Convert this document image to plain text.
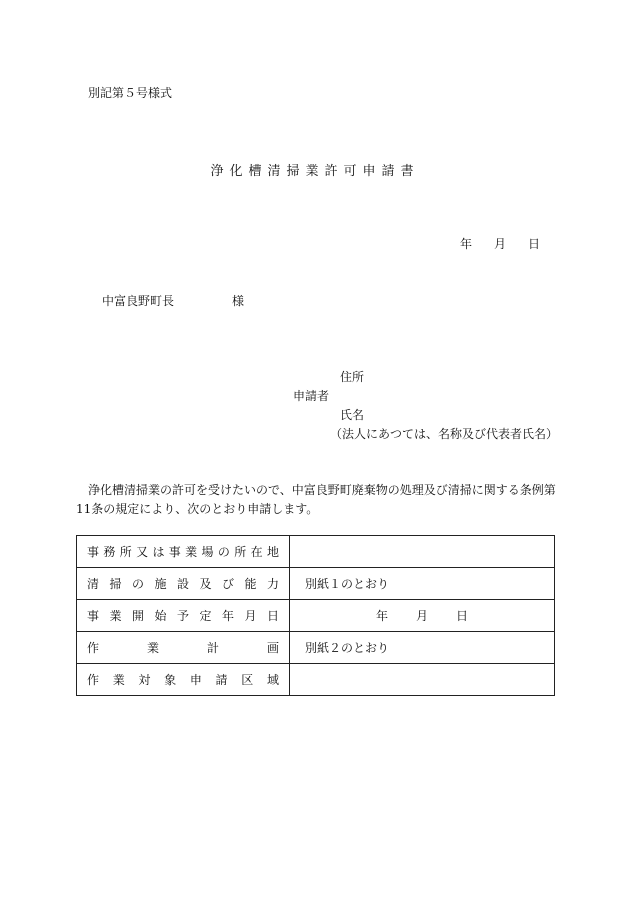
別記第５号様式
浄化槽清掃業許可申請書
年 月 日
中富良野町長	様
住所
申請者
氏名
（法人にあつては、名称及び代表者氏名）
浄化槽清掃業の許可を受けたいので、中富良野町廃棄物の処理及び清掃に関する条例第11条の規定により、次のとおり申請します。
事務所又は事業場の所在地	
清掃の施設及び能力	別紙１のとおり
事業開始予定年月日	年 月 日
作業計画	別紙２のとおり
作業対象申請区域	
